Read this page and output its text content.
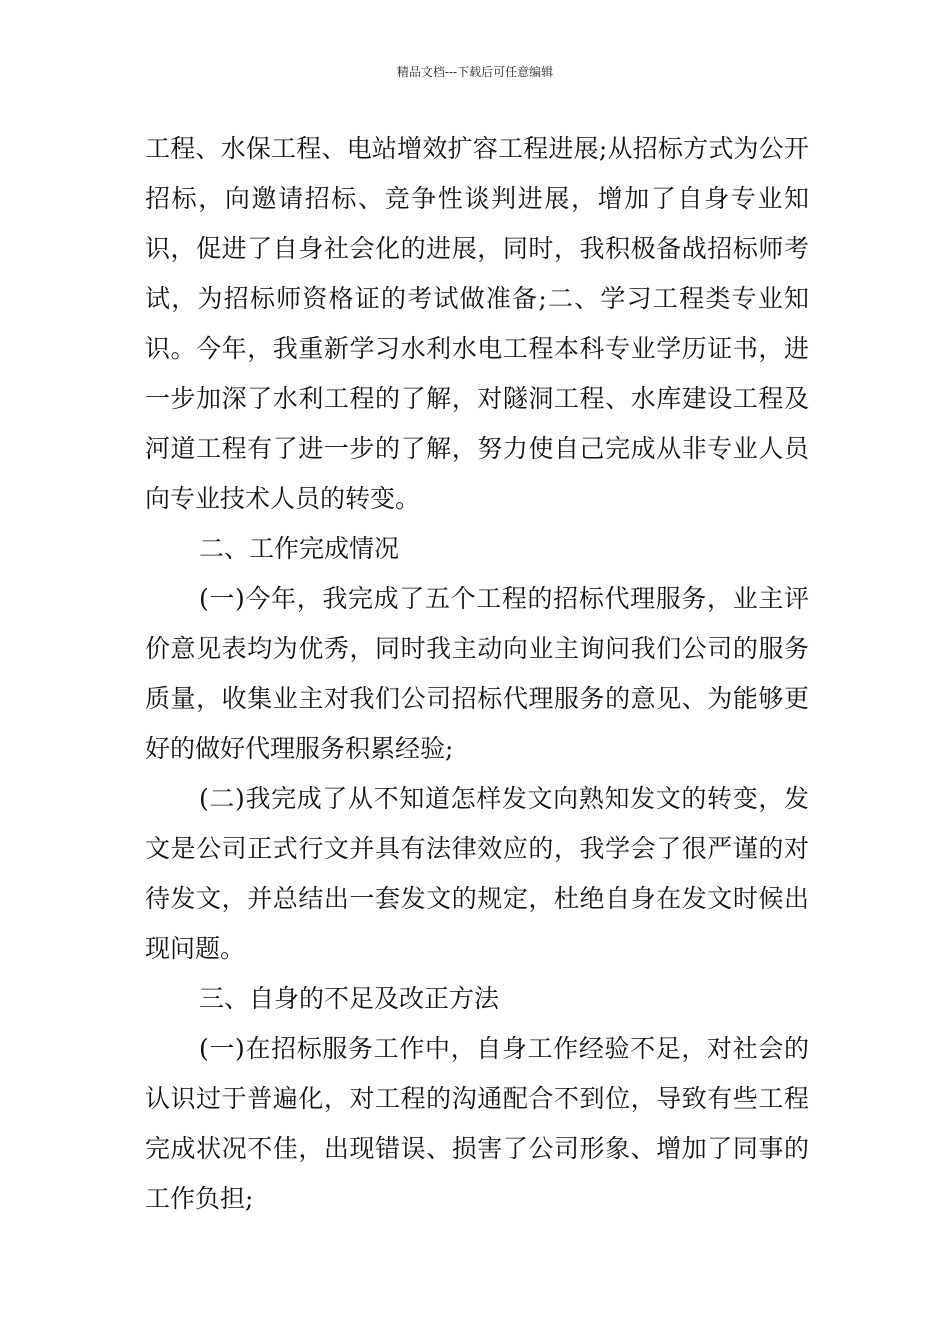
精品文档---下载后可任意编辑

工程、水保工程、电站增效扩容工程进展;从招标方式为公开招标，向邀请招标、竞争性谈判进展，增加了自身专业知识，促进了自身社会化的进展，同时，我积极备战招标师考试，为招标师资格证的考试做准备;二、学习工程类专业知识。今年，我重新学习水利水电工程本科专业学历证书，进一步加深了水利工程的了解，对隧洞工程、水库建设工程及河道工程有了进一步的了解，努力使自己完成从非专业人员向专业技术人员的转变。

二、工作完成情况

(一)今年，我完成了五个工程的招标代理服务，业主评价意见表均为优秀，同时我主动向业主询问我们公司的服务质量，收集业主对我们公司招标代理服务的意见、为能够更好的做好代理服务积累经验;

(二)我完成了从不知道怎样发文向熟知发文的转变，发文是公司正式行文并具有法律效应的，我学会了很严谨的对待发文，并总结出一套发文的规定，杜绝自身在发文时候出现问题。

三、自身的不足及改正方法

(一)在招标服务工作中，自身工作经验不足，对社会的认识过于普遍化，对工程的沟通配合不到位，导致有些工程完成状况不佳，出现错误、损害了公司形象、增加了同事的工作负担;
